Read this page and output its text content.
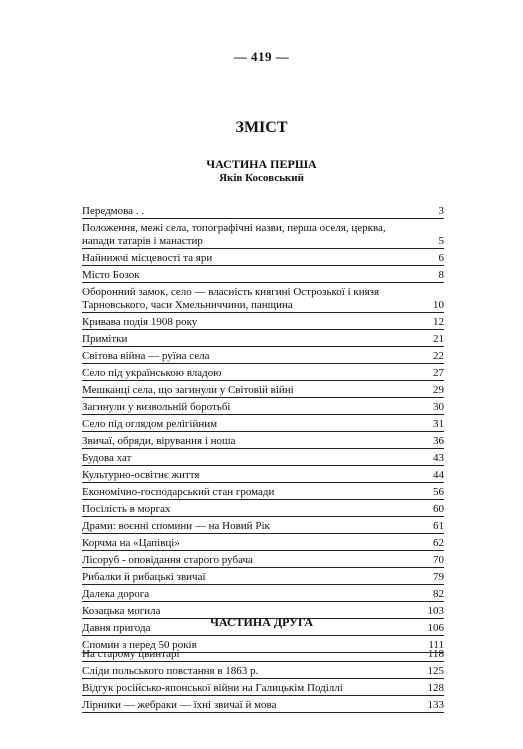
— 419 —
ЗМІСТ
ЧАСТИНА ПЕРША
Яків Косовський
Передмова . .	3
Положення, межі села, топографічні назви, перша оселя, церква,
напади татарів і манастир	5
Найнижчі місцевості та яри	6
Місто Бозок	8
Оборонний замок, село — власність княгині Острозької і князя
Тарновського, часи Хмельниччини, панщина	10
Кривава подія 1908 року	12
Примітки	21
Світова війна — руїна села	22
Село під українською владою	27
Мешканці села, що загинули у Світовій війні	29
Загинули у визвольній боротьбі	30
Село під оглядом релігійним	31
Звичаї, обряди, вірування і ноша	36
Будова хат	43
Культурно-освітнє життя	44
Економічно-господарський стан громади	56
Посілість в моргах	60
Драми: воєнні спомини — на Новий Рік	61
Корчма на «Цапівці»	62
Лісоруб - оповідання старого рубача	70
Рибалки й рибацькі звичаї	79
Далека дорога	82
Козацька могила	103
Давня пригода	106
Спомин з перед 50 років	111
ЧАСТИНА ДРУГА
На старому цвинтарі	118
Сліди польського повстання в 1863 р.	125
Відгук російсько-японської війни на Галицькім Поділлі	128
Лірники — жебраки — їхні звичаї й мова	133
